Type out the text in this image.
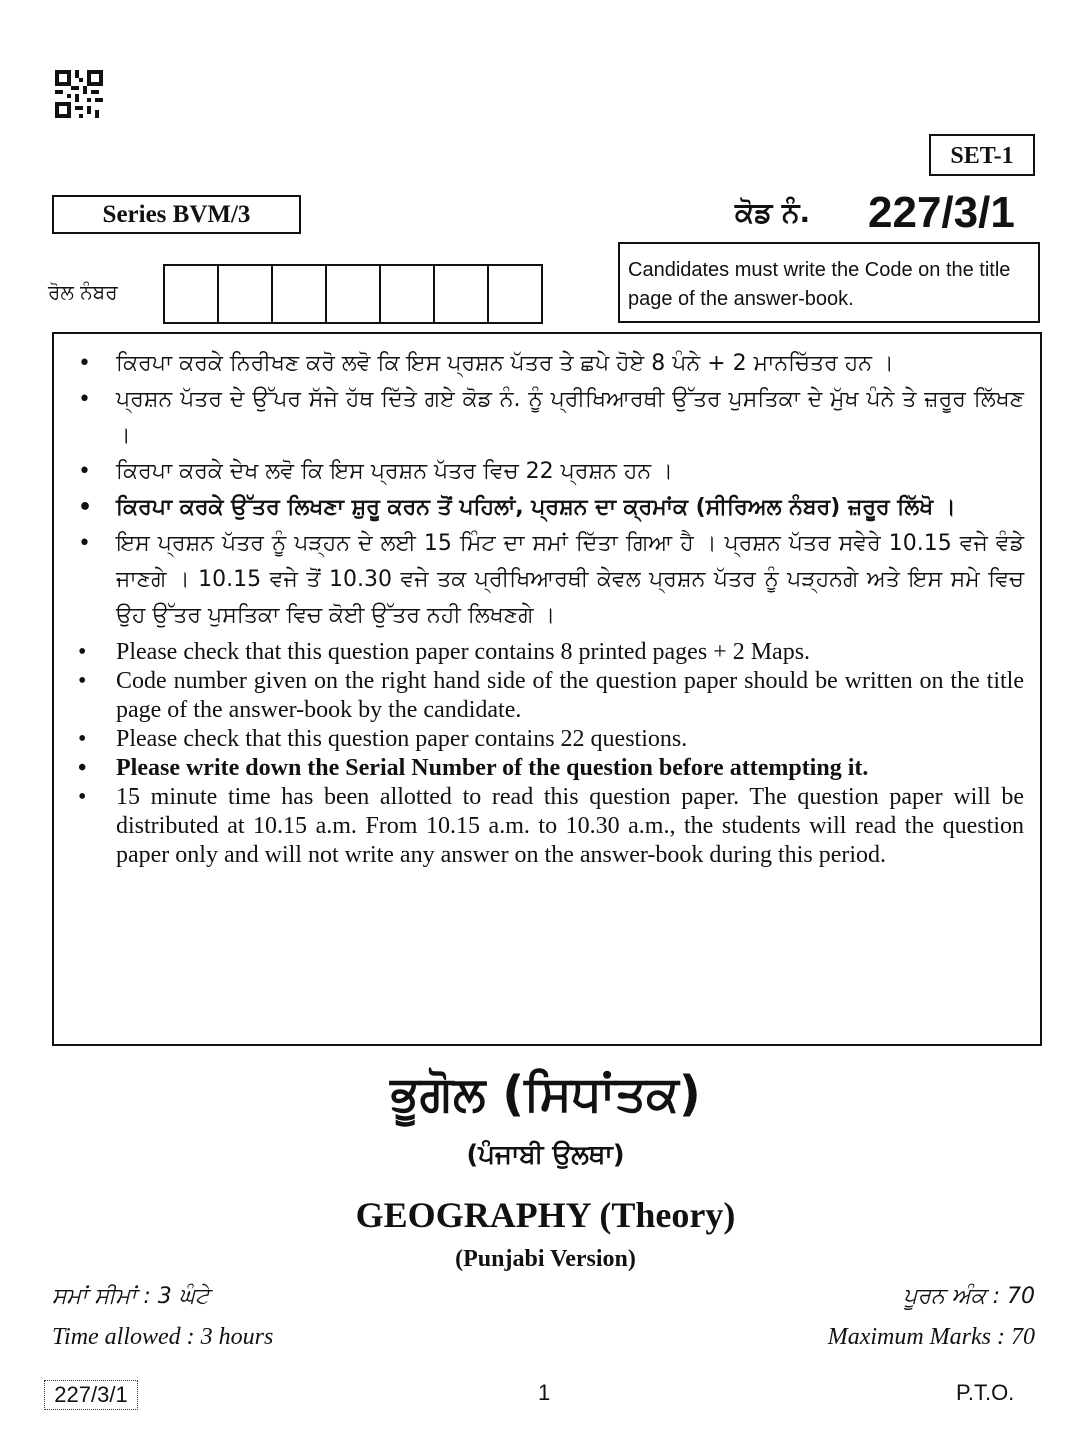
SET-1
Series BVM/3	ਕੋਡ ਨੰ. 227/3/1
ਰੋਲ ਨੰਬਰ
Candidates must write the Code on the title page of the answer-book.
• ਕਿਰਪਾ ਕਰਕੇ ਨਿਰੀਖਣ ਕਰੋ ਲਵੋ ਕਿ ਇਸ ਪ੍ਰਸ਼ਨ ਪੱਤਰ ਤੇ ਛਪੇ ਹੋਏ 8 ਪੰਨੇ + 2 ਮਾਨਚਿੱਤਰ ਹਨ ।
• ਪ੍ਰਸ਼ਨ ਪੱਤਰ ਦੇ ਉੱਪਰ ਸੱਜੇ ਹੱਥ ਦਿੱਤੇ ਗਏ ਕੋਡ ਨੰ. ਨੂੰ ਪ੍ਰੀਖਿਆਰਥੀ ਉੱਤਰ ਪੁਸਤਿਕਾ ਦੇ ਮੁੱਖ ਪੰਨੇ ਤੇ ਜ਼ਰੂਰ ਲਿੱਖਣ ।
• ਕਿਰਪਾ ਕਰਕੇ ਦੇਖ ਲਵੋ ਕਿ ਇਸ ਪ੍ਰਸ਼ਨ ਪੱਤਰ ਵਿਚ 22 ਪ੍ਰਸ਼ਨ ਹਨ ।
• ਕਿਰਪਾ ਕਰਕੇ ਉੱਤਰ ਲਿਖਣਾ ਸ਼ੁਰੂ ਕਰਨ ਤੋਂ ਪਹਿਲਾਂ, ਪ੍ਰਸ਼ਨ ਦਾ ਕ੍ਰਮਾਂਕ (ਸੀਰਿਅਲ ਨੰਬਰ) ਜ਼ਰੂਰ ਲਿੱਖੋ ।
• ਇਸ ਪ੍ਰਸ਼ਨ ਪੱਤਰ ਨੂੰ ਪੜ੍ਹਨ ਦੇ ਲਈ 15 ਮਿੰਟ ਦਾ ਸਮਾਂ ਦਿੱਤਾ ਗਿਆ ਹੈ । ਪ੍ਰਸ਼ਨ ਪੱਤਰ ਸਵੇਰੇ 10.15 ਵਜੇ ਵੰਡੇ ਜਾਣਗੇ । 10.15 ਵਜੇ ਤੋਂ 10.30 ਵਜੇ ਤਕ ਪ੍ਰੀਖਿਆਰਥੀ ਕੇਵਲ ਪ੍ਰਸ਼ਨ ਪੱਤਰ ਨੂੰ ਪੜ੍ਹਨਗੇ ਅਤੇ ਇਸ ਸਮੇ ਵਿਚ ਉਹ ਉੱਤਰ ਪੁਸਤਿਕਾ ਵਿਚ ਕੋਈ ਉੱਤਰ ਨਹੀ ਲਿਖਣਗੇ ।
• Please check that this question paper contains 8 printed pages + 2 Maps.
• Code number given on the right hand side of the question paper should be written on the title page of the answer-book by the candidate.
• Please check that this question paper contains 22 questions.
• Please write down the Serial Number of the question before attempting it.
• 15 minute time has been allotted to read this question paper. The question paper will be distributed at 10.15 a.m. From 10.15 a.m. to 10.30 a.m., the students will read the question paper only and will not write any answer on the answer-book during this period.
ਭੂਗੋਲ (ਸਿਧਾਂਤਕ)
(ਪੰਜਾਬੀ ਉਲਥਾ)
GEOGRAPHY (Theory)
(Punjabi Version)
ਸਮਾਂ ਸੀਮਾਂ : 3 ਘੰਟੇ	ਪੂਰਨ ਅੰਕ : 70
Time allowed : 3 hours	Maximum Marks : 70
227/3/1	1	P.T.O.
